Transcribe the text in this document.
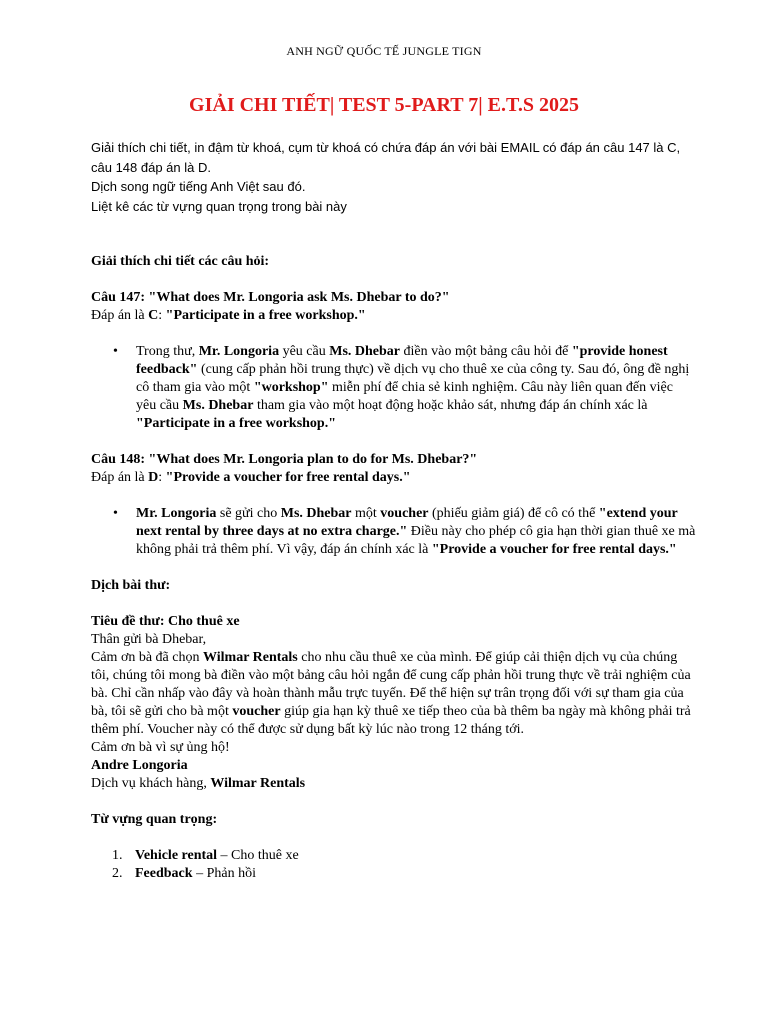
ANH NGỮ QUỐC TẾ JUNGLE TIGN
GIẢI CHI TIẾT| TEST 5-PART 7| E.T.S 2025

Giải thích chi tiết, in đậm từ khoá, cụm từ khoá có chứa đáp án với bài EMAIL có đáp án câu 147 là C, câu 148 đáp án là D.

Dịch song ngữ tiếng Anh Việt sau đó.

Liệt kê các từ vựng quan trọng trong bài này

Giải thích chi tiết các câu hỏi:

Câu 147: "What does Mr. Longoria ask Ms. Dhebar to do?"

Đáp án là C: "Participate in a free workshop."

• Trong thư, Mr. Longoria yêu cầu Ms. Dhebar điền vào một bảng câu hỏi để "provide honest feedback" (cung cấp phản hồi trung thực) về dịch vụ cho thuê xe của công ty. Sau đó, ông đề nghị cô tham gia vào một "workshop" miễn phí để chia sẻ kinh nghiệm. Câu này liên quan đến việc yêu cầu Ms. Dhebar tham gia vào một hoạt động hoặc khảo sát, nhưng đáp án chính xác là "Participate in a free workshop."

Câu 148: "What does Mr. Longoria plan to do for Ms. Dhebar?"

Đáp án là D: "Provide a voucher for free rental days."

• Mr. Longoria sẽ gửi cho Ms. Dhebar một voucher (phiếu giảm giá) để cô có thể "extend your next rental by three days at no extra charge." Điều này cho phép cô gia hạn thời gian thuê xe mà không phải trả thêm phí. Vì vậy, đáp án chính xác là "Provide a voucher for free rental days."

Dịch bài thư:

Tiêu đề thư: Cho thuê xe

Thân gửi bà Dhebar,

Cảm ơn bà đã chọn Wilmar Rentals cho nhu cầu thuê xe của mình. Để giúp cải thiện dịch vụ của chúng tôi, chúng tôi mong bà điền vào một bảng câu hỏi ngắn để cung cấp phản hồi trung thực về trải nghiệm của bà. Chỉ cần nhấp vào đây và hoàn thành mẫu trực tuyến. Để thể hiện sự trân trọng đối với sự tham gia của bà, tôi sẽ gửi cho bà một voucher giúp gia hạn kỳ thuê xe tiếp theo của bà thêm ba ngày mà không phải trả thêm phí. Voucher này có thể được sử dụng bất kỳ lúc nào trong 12 tháng tới.

Cảm ơn bà vì sự ủng hộ!

Andre Longoria

Dịch vụ khách hàng, Wilmar Rentals

Từ vựng quan trọng:

1. Vehicle rental – Cho thuê xe
2. Feedback – Phản hồi
